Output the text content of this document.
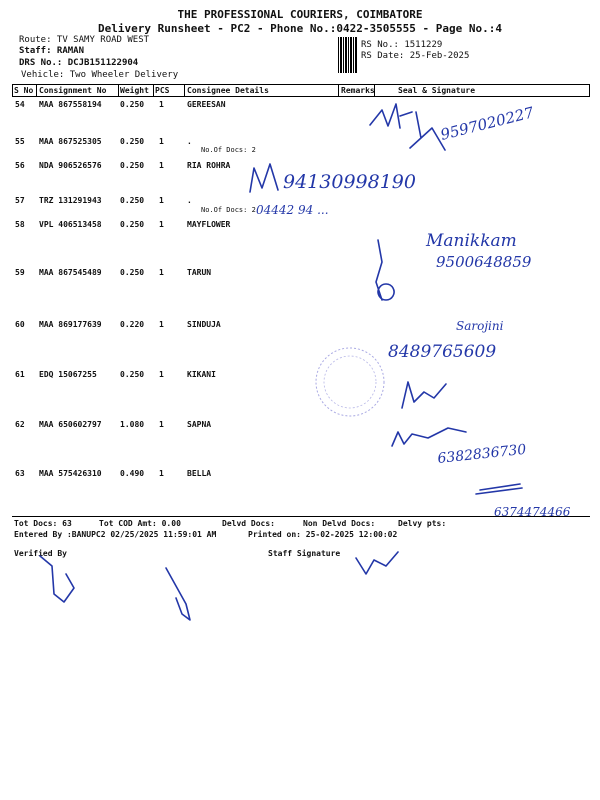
THE PROFESSIONAL COURIERS, COIMBATORE
Delivery Runsheet - PC2 - Phone No.:0422-3505555 - Page No.:4
Route: TV SAMY ROAD WEST
Staff: RAMAN
DRS No.: DCJB151122904
Vehicle: Two Wheeler Delivery
RS No.: 1511229
RS Date: 25-Feb-2025
S No Consignment No Weight PCS Consignee Details	Remarks	Seal & Signature
54 MAA 867558194 0.250 1	GEREESAN
55 MAA 867525305 0.250 1	.
No.Of Docs: 2
56 NDA 906526576 0.250 1	RIA ROHRA
57 TRZ 131291943 0.250 1	.
No.Of Docs: 2
58 VPL 406513458 0.250 1	MAYFLOWER
59 MAA 867545489 0.250 1	TARUN
60 MAA 869177639 0.220 1	SINDUJA
61 EDQ 15067255	0.250 1	KIKANI
62 MAA 650602797 1.080 1	SAPNA
63 MAA 575426310 0.490 1	BELLA
Tot Docs: 63	Tot COD Amt: 0.00	Delvd Docs:	Non Delvd Docs:	Delvy pts:
Entered By :BANUPC2 02/25/2025 11:59:01 AM	Printed on: 25-02-2025 12:00:02
Verified By	Staff Signature
9597020227
94130998190
04442 94 ...
Manikkam
9500648859
Sarojini
8489765609
6382836730
6374474466
